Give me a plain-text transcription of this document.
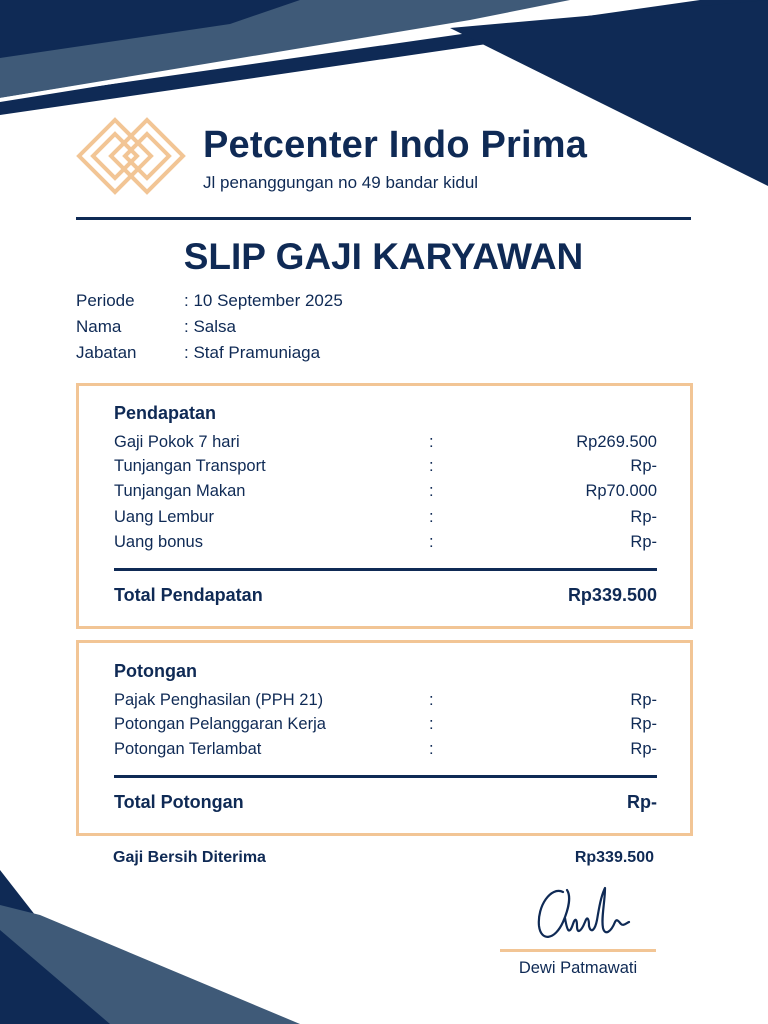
Petcenter Indo Prima
Jl penanggungan no 49 bandar kidul
SLIP GAJI KARYAWAN
Periode	: 10 September 2025
Nama	: Salsa
Jabatan	: Staf Pramuniaga
Pendapatan
Gaji Pokok 7 hari	:	Rp269.500
Tunjangan Transport	:	Rp-
Tunjangan Makan	:	Rp70.000
Uang Lembur	:	Rp-
Uang bonus	:	Rp-
Total Pendapatan	Rp339.500
Potongan
Pajak Penghasilan (PPH 21)	:	Rp-
Potongan Pelanggaran Kerja	:	Rp-
Potongan Terlambat	:	Rp-
Total Potongan	Rp-
Gaji Bersih Diterima	Rp339.500
Dewi Patmawati
